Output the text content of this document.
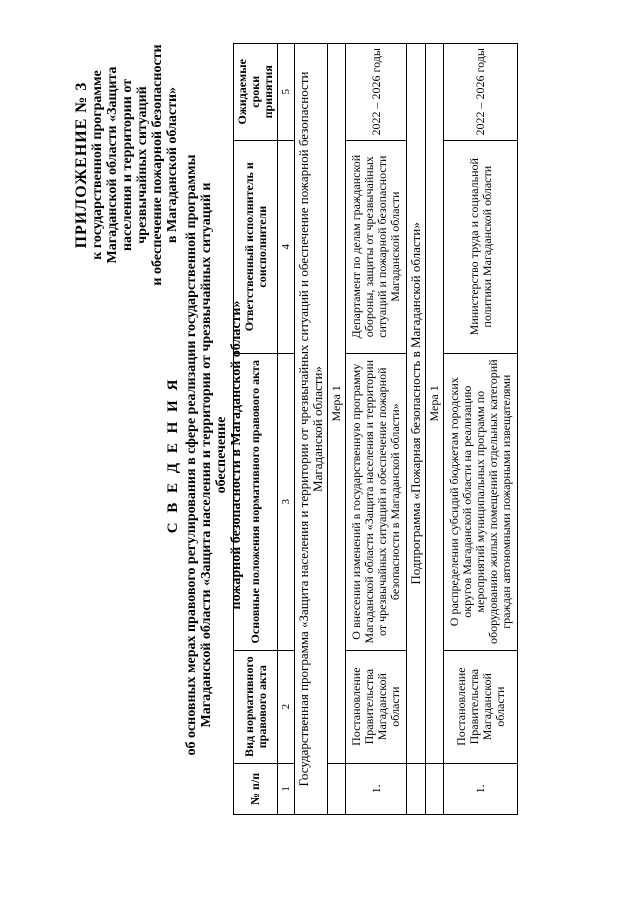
ПРИЛОЖЕНИЕ № 3 к государственной программе Магаданской области «Защита населения и территории от чрезвычайных ситуаций и обеспечение пожарной безопасности в Магаданской области»
С В Е Д Е Н И Я об основных мерах правового регулирования в сфере реализации государственной программы Магаданской области «Защита населения и территории от чрезвычайных ситуаций и обеспечение пожарной безопасности в Магаданской области»
№ п/п	Вид нормативного правового акта	Основные положения нормативного правового акта	Ответственный исполнитель и соисполнители	Ожидаемые сроки принятия
1	2	3	4	5
Государственная программа «Защита населения и территории от чрезвычайных ситуаций и обеспечение пожарной безопасности Магаданской области»				
	Мера 1			
1.	Постановление Правительства Магаданской области	О внесении изменений в государственную программу Магаданской области «Защита населения и территории от чрезвычайных ситуаций и обеспечение пожарной безопасности в Магаданской области»	Департамент по делам гражданской обороны, защиты от чрезвычайных ситуаций и пожарной безопасности Магаданской области	2022 – 2026 годы
	Подпрограмма «Пожарная безопасность в Магаданской области»			
	Мера 1			
1.	Постановление Правительства Магаданской области	О распределении субсидий бюджетам городских округов Магаданской области на реализацию мероприятий муниципальных программ по оборудованию жилых помещений отдельных категорий граждан автономными пожарными извещателями	Министерство труда и социальной политики Магаданской области	2022 – 2026 годы
